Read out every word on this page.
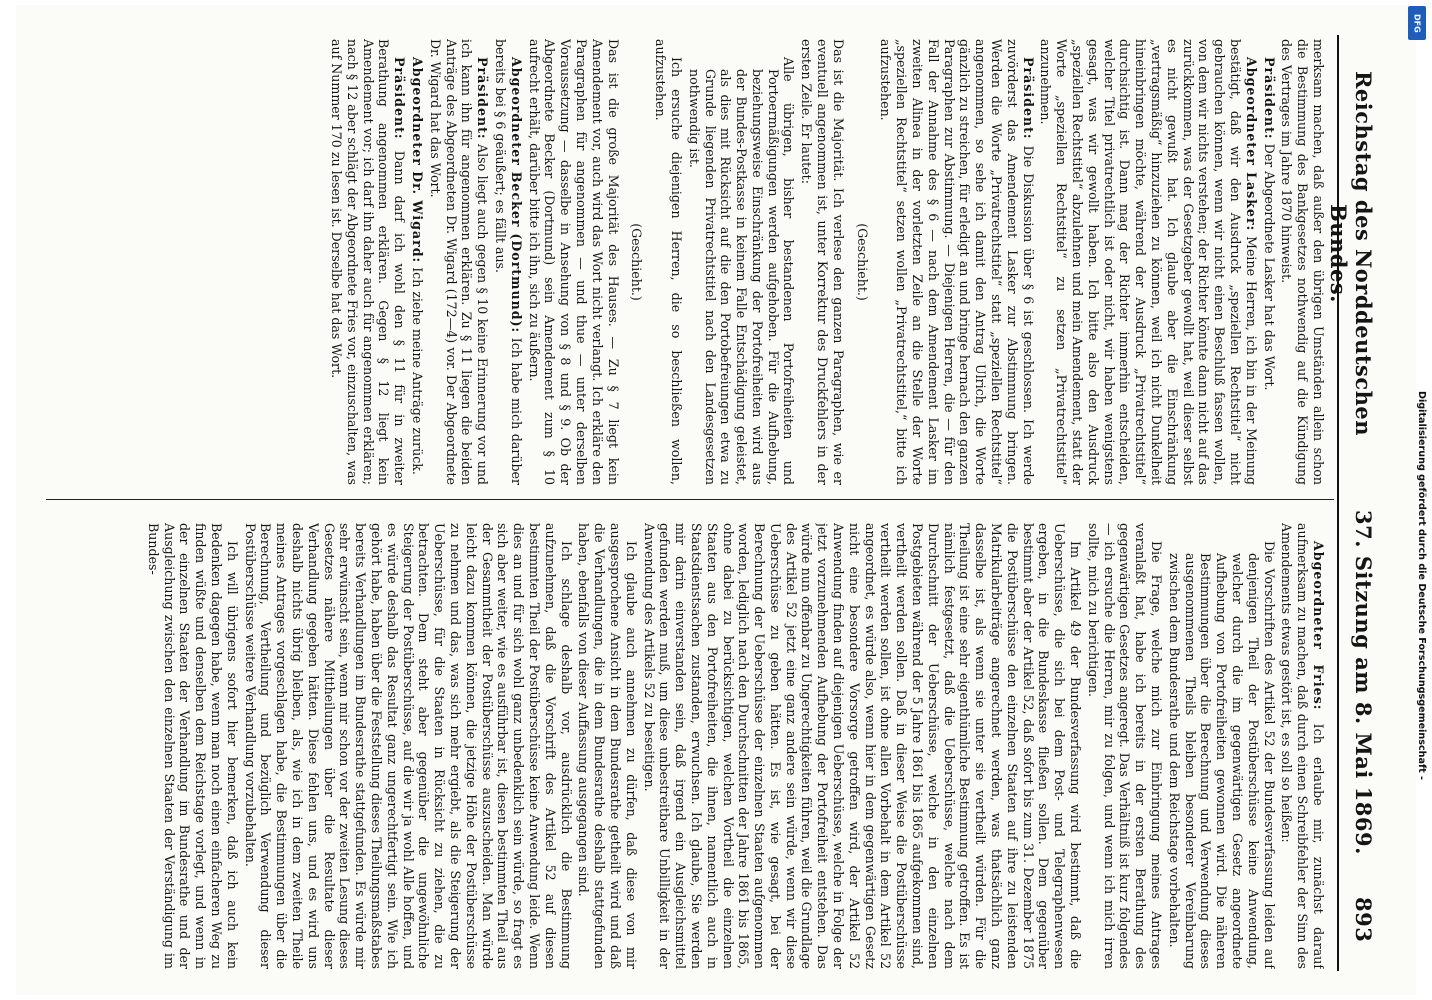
Reichstag des Norddeutschen Bundes.
37. Sitzung am 8. Mai 1869.
893

merksam machen, daß außer den übrigen Umständen allein schon die Bestimmung des Bankgesetzes nothwendig auf die Kündigung des Vertrages im Jahre 1870 hinweist.

Präsident: Der Abgeordnete Lasker hat das Wort.

Abgeordneter Lasker: Meine Herren, ich bin in der Meinung bestätigt, daß wir den Ausdruck „speziellen Rechtstitel“ nicht gebrauchen können, wenn wir nicht einen Beschluß fassen wollen, von dem wir nichts verstehen; der Richter könnte dann nicht auf das zurückkommen, was der Gesetzgeber gewollt hat, weil dieser selbst es nicht gewußt hat. Ich glaube aber die Einschränkung „vertragsmäßig“ hinzuziehen zu können, weil ich nicht Dunkelheit hineinbringen möchte, während der Ausdruck „Privatrechtstitel“ durchsichtig ist. Dann mag der Richter immerhin entscheiden, welcher Titel privatrechtlich ist oder nicht, wir haben wenigstens gesagt, was wir gewollt haben. Ich bitte also den Ausdruck „speziellen Rechtstitel“ abzulehnen und mein Amendement, statt der Worte „speziellen Rechtstitel“ zu setzen „Privatrechtstitel“ anzunehmen.

Präsident: Die Diskussion über § 6 ist geschlossen. Ich werde zuvörderst das Amendement Lasker zur Abstimmung bringen. Werden die Worte „Privatrechtstitel“ statt „speziellen Rechtstitel“ angenommen, so sehe ich damit den Antrag Ulrich, die Worte gänzlich zu streichen, für erledigt an und bringe hernach den ganzen Paragraphen zur Abstimmung. — Diejenigen Herren, die — für den Fall der Annahme des § 6 — nach dem Amendement Lasker im zweiten Alinea in der vorletzten Zeile an die Stelle der Worte „speziellen Rechtstitel“ setzen wollen „Privatrechtstitel,“ bitte ich aufzustehen.

(Geschieht.)

Das ist die Majorität. Ich verlese den ganzen Paragraphen, wie er eventuell angenommen ist, unter Korrektur des Druckfehlers in der ersten Zeile. Er lautet:

Alle übrigen, bisher bestandenen Portofreiheiten und Portoermäßigungen werden aufgehoben. Für die Aufhebung, beziehungsweise Einschränkung der Portofreiheiten wird aus der Bundes-Postkasse in keinem Falle Entschädigung geleistet, als dies mit Rücksicht auf die den Portobefreiungen etwa zu Grunde liegenden Privatrechtstitel nach den Landesgesetzen nothwendig ist.

Ich ersuche diejenigen Herren, die so beschließen wollen, aufzustehen.

(Geschieht.)

Das ist die große Majorität des Hauses. — Zu § 7 liegt kein Amendement vor, auch wird das Wort nicht verlangt. Ich erkläre den Paragraphen für angenommen — und thue — unter derselben Voraussetzung — dasselbe in Ansehung von § 8 und § 9. Ob der Abgeordnete Becker (Dortmund) sein Amendement zum § 10 aufrecht erhält, darüber bitte ich ihn, sich zu äußern.

Abgeordneter Becker (Dortmund): Ich habe mich darüber bereits bei § 6 geäußert; es fällt aus.

Präsident: Also liegt auch gegen § 10 keine Erinnerung vor und ich kann ihn für angenommen erklären. Zu § 11 liegen die beiden Anträge des Abgeordneten Dr. Wigard (172—4) vor. Der Abgeordnete Dr. Wigard hat das Wort.

Abgeordneter Dr. Wigard: Ich ziehe meine Anträge zurück.

Präsident: Dann darf ich wohl den § 11 für in zweiter Berathung angenommen erklären. Gegen § 12 liegt kein Amendement vor; ich darf ihn daher auch für angenommen erklären; nach § 12 aber schlägt der Abgeordnete Fries vor, einzuschalten, was auf Nummer 170 zu lesen ist. Derselbe hat das Wort.

Abgeordneter Fries: Ich erlaube mir, zunächst darauf aufmerksam zu machen, daß durch einen Schreibfehler der Sinn des Amendements etwas gestört ist, es soll so heißen:

Die Vorschriften des Artikel 52 der Bundesverfassung leiden auf denjenigen Theil der Postüberschüsse keine Anwendung, welcher durch die im gegenwärtigen Gesetz angeordnete Aufhebung von Portofreiheiten gewonnen wird. Die näheren Bestimmungen über die Berechnung und Verwendung dieses ausgenommenen Theils bleiben besonderer Vereinbarung zwischen dem Bundesrathe und dem Reichstage vorbehalten.

Die Frage, welche mich zur Einbringung meines Antrages veranlaßt hat, habe ich bereits in der ersten Berathung des gegenwärtigen Gesetzes angeregt. Das Verhältniß ist kurz folgendes — ich ersuche die Herren, mir zu folgen, und wenn ich mich irren sollte, mich zu berichtigen.

Im Artikel 49 der Bundesverfassung wird bestimmt, daß die Ueberschüsse, die sich bei dem Post- und Telegraphenwesen ergeben, in die Bundeskasse fließen sollen. Dem gegenüber bestimmt aber der Artikel 52, daß sofort bis zum 31. Dezember 1875 die Postüberschüsse den einzelnen Staaten auf ihre zu leistenden Matrikularbeiträge angerechnet werden, was thatsächlich ganz dasselbe ist, als wenn sie unter sie vertheilt würden. Für die Theilung ist eine sehr eigenthümliche Bestimmung getroffen. Es ist nämlich festgesetzt, daß die Ueberschüsse, welche nach dem Durchschnitt der Ueberschüsse, welche in den einzelnen Postgebieten während der 5 Jahre 1861 bis 1865 aufgekommen sind, vertheilt werden sollen. Daß in dieser Weise die Postüberschüsse vertheilt werden sollen, ist ohne allen Vorbehalt in dem Artikel 52 angeordnet, es würde also, wenn hier in dem gegenwärtigen Gesetz nicht eine besondere Vorsorge getroffen wird, der Artikel 52 Anwendung finden auf diejenigen Ueberschüsse, welche in Folge der jetzt vorzunehmenden Aufhebung der Portofreiheit entstehen. Das würde nun offenbar zu Ungerechtigkeiten führen, weil die Grundlage des Artikel 52 jetzt eine ganz andere sein würde, wenn wir diese Ueberschüsse zu geben hätten. Es ist, wie gesagt, bei der Berechnung der Ueberschüsse der einzelnen Staaten aufgenommen worden, lediglich nach den Durchschnitten der Jahre 1861 bis 1865, ohne dabei zu berücksichtigen, welchen Vortheil die einzelnen Staaten aus den Portofreiheiten, die ihnen, namentlich auch in Staatsdienstsachen zustanden, erwuchsen. Ich glaube, Sie werden mir darin einverstanden sein, daß irgend ein Ausgleichsmittel gefunden werden muß, um diese unbestreitbare Unbilligkeit in der Anwendung des Artikels 52 zu beseitigen.

Ich glaube auch annehmen zu dürfen, daß diese von mir ausgesprochene Ansicht in dem Bundesrathe getheilt wird und daß die Verhandlungen, die in dem Bundesrathe deshalb stattgefunden haben, ebenfalls von dieser Auffassung ausgegangen sind.

Ich schlage deshalb vor, ausdrücklich die Bestimmung aufzunehmen, daß die Vorschrift des Artikel 52 auf diesen bestimmten Theil der Postüberschüsse keine Anwendung leide. Wenn dies an und für sich wohl ganz unbedenklich sein würde, so fragt es sich aber weiter, wie es ausführbar ist, diesen bestimmten Theil aus der Gesammtheit der Postüberschüsse auszuscheiden. Man würde leicht dazu kommen können, die jetzige Höhe der Postüberschüsse zu nehmen und das, was sich mehr ergiebt, als die Steigerung der Ueberschüsse, für die Staaten in Rücksicht zu ziehen, die zu betrachten. Dem steht aber gegenüber die ungewöhnliche Steigerung der Postüberschüsse, auf die wir ja wohl Alle hoffen, und es würde deshalb das Resultat ganz ungerechtfertigt sein. Wie ich gehört habe, haben über die Feststellung dieses Theilungsmaßstabes bereits Verhandlungen im Bundesrathe stattgefunden. Es würde mir sehr erwünscht sein, wenn mir schon vor der zweiten Lesung dieses Gesetzes nähere Mittheilungen über die Resultate dieser Verhandlung gegeben hätten. Diese fehlen uns, und es wird uns deshalb nichts übrig bleiben, als, wie ich in dem zweiten Theile meines Antrages vorgeschlagen habe, die Bestimmungen über die Berechnung, Vertheilung und bezüglich Verwendung dieser Postüberschüsse weitere Verhandlung vorzubehalten.

Ich will übrigens sofort hier bemerken, daß ich auch kein Bedenken dagegen habe, wenn man noch einen einfacheren Weg zu finden wüßte und denselben dem Reichstage vorlegt, und wenn in der einzelnen Staaten der Verhandlung im Bundesrathe und der Ausgleichung zwischen den einzelnen Staaten der Verständigung im Bundes-

DFG
Digitalisierung gefördert durch die Deutsche Forschungsgemeinschaft -
